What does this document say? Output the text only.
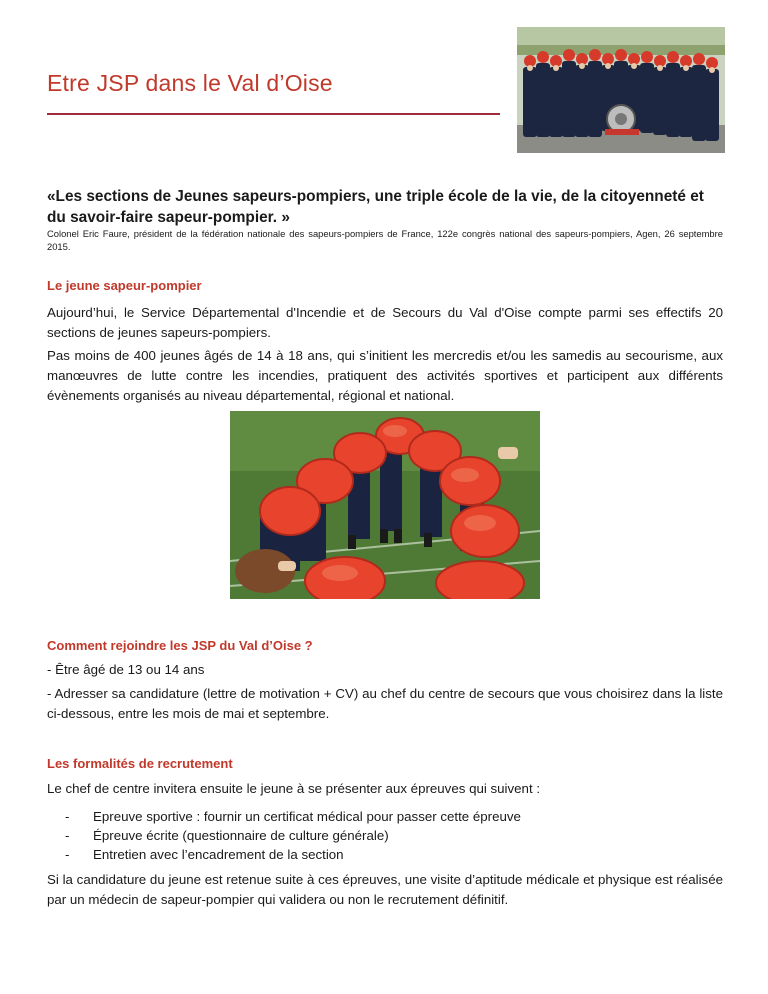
Etre JSP dans le Val d’Oise
«Les sections de Jeunes sapeurs-pompiers, une triple école de la vie, de la citoyenneté et du savoir-faire sapeur-pompier. »
Colonel Eric Faure, président de la fédération nationale des sapeurs-pompiers de France, 122e congrès national des sapeurs-pompiers, Agen, 26 septembre 2015.
Le jeune sapeur-pompier
Aujourd’hui, le Service Départemental d'Incendie et de Secours du Val d'Oise compte parmi ses effectifs 20 sections de jeunes sapeurs-pompiers.
Pas moins de 400 jeunes âgés de 14 à 18 ans, qui s’initient les mercredis et/ou les samedis au secourisme, aux manœuvres de lutte contre les incendies, pratiquent des activités sportives et participent aux différents évènements organisés au niveau départemental, régional et national.
Comment rejoindre les JSP du Val d’Oise ?
- Être âgé de 13 ou 14 ans
- Adresser sa candidature (lettre de motivation + CV) au chef du centre de secours que vous choisirez dans la liste ci-dessous, entre les mois de mai et septembre.
Les formalités de recrutement
Le chef de centre invitera ensuite le jeune à se présenter aux épreuves qui suivent :
- Epreuve sportive : fournir un certificat médical pour passer cette épreuve
- Épreuve écrite (questionnaire de culture générale)
- Entretien avec l’encadrement de la section
Si la candidature du jeune est retenue suite à ces épreuves, une visite d’aptitude médicale et physique est réalisée par un médecin de sapeur-pompier qui validera ou non le recrutement définitif.
